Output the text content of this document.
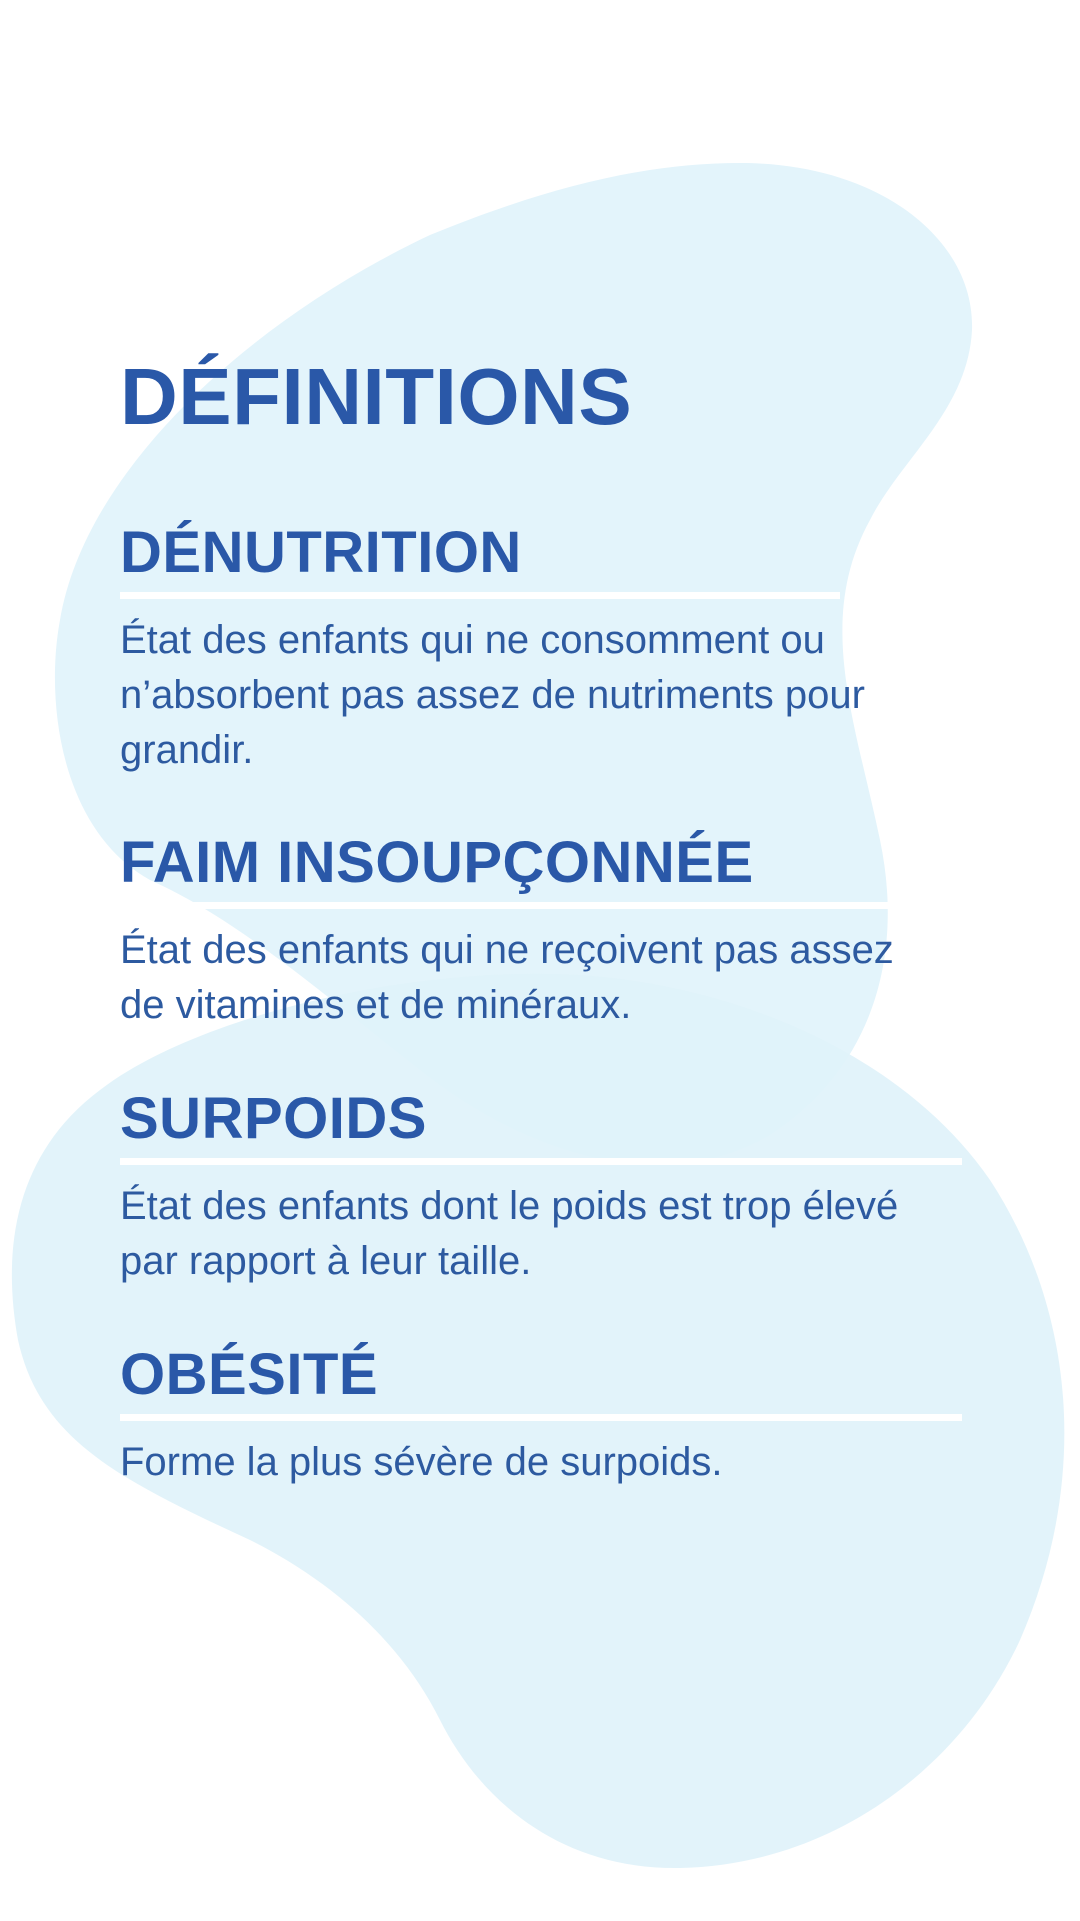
DÉFINITIONS
DÉNUTRITION

État des enfants qui ne consomment ou n’absorbent pas assez de nutriments pour grandir.

FAIM INSOUPÇONNÉE

État des enfants qui ne reçoivent pas assez de vitamines et de minéraux.

SURPOIDS

État des enfants dont le poids est trop élevé par rapport à leur taille.

OBÉSITÉ

Forme la plus sévère de surpoids.
